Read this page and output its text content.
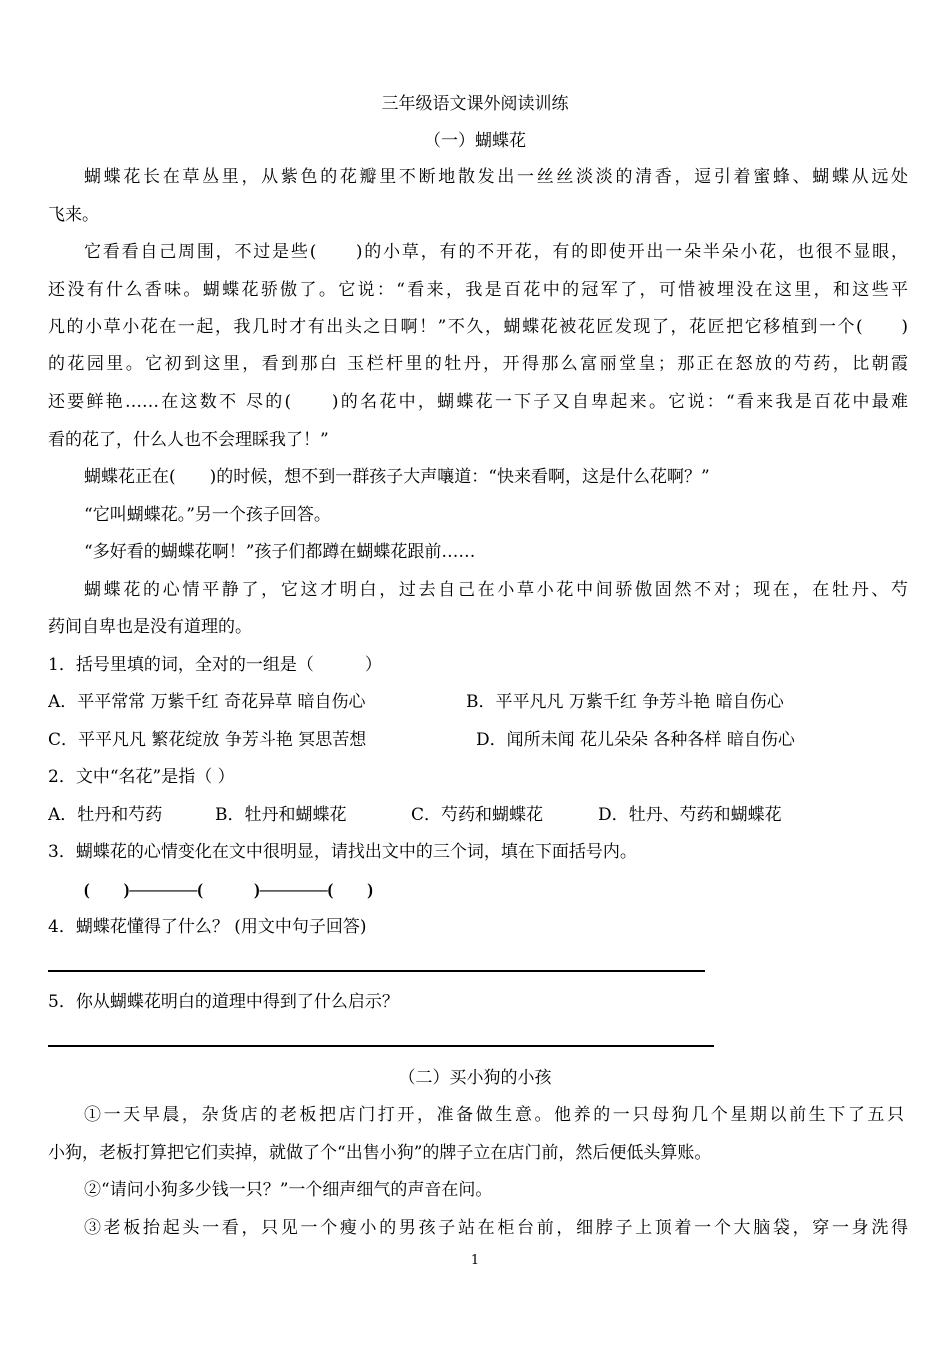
三年级语文课外阅读训练
（一）蝴蝶花
蝴蝶花长在草丛里，从紫色的花瓣里不断地散发出一丝丝淡淡的清香，逗引着蜜蜂、蝴蝶从远处
飞来。
它看看自己周围，不过是些(　　)的小草，有的不开花，有的即使开出一朵半朵小花，也很不显眼，
还没有什么香味。蝴蝶花骄傲了。它说：“看来，我是百花中的冠军了，可惜被埋没在这里，和这些平
凡的小草小花在一起，我几时才有出头之日啊！”不久，蝴蝶花被花匠发现了，花匠把它移植到一个(　　)
的花园里。它初到这里，看到那白 玉栏杆里的牡丹，开得那么富丽堂皇；那正在怒放的芍药，比朝霞
还要鲜艳……在这数不 尽的(　　)的名花中，蝴蝶花一下子又自卑起来。它说：“看来我是百花中最难
看的花了，什么人也不会理睬我了！”
蝴蝶花正在(　　)的时候，想不到一群孩子大声嚷道：“快来看啊，这是什么花啊？”
“它叫蝴蝶花。”另一个孩子回答。
“多好看的蝴蝶花啊！”孩子们都蹲在蝴蝶花跟前……
蝴蝶花的心情平静了，它这才明白，过去自己在小草小花中间骄傲固然不对；现在，在牡丹、芍
药间自卑也是没有道理的。
1．括号里填的词，全对的一组是（　　　）
A．平平常常 万紫千红 奇花异草 暗自伤心	B．平平凡凡 万紫千红 争芳斗艳 暗自伤心
C．平平凡凡 繁花绽放 争芳斗艳 冥思苦想	D．闻所未闻 花儿朵朵 各种各样 暗自伤心
2．文中“名花”是指（ ）
A．牡丹和芍药	B．牡丹和蝴蝶花	C．芍药和蝴蝶花	D．牡丹、芍药和蝴蝶花
3．蝴蝶花的心情变化在文中很明显，请找出文中的三个词，填在下面括号内。
(　　)————(　　　)————(　　)
4．蝴蝶花懂得了什么？ (用文中句子回答)
5．你从蝴蝶花明白的道理中得到了什么启示？
（二）买小狗的小孩
①一天早晨，杂货店的老板把店门打开，准备做生意。他养的一只母狗几个星期以前生下了五只
小狗，老板打算把它们卖掉，就做了个“出售小狗”的牌子立在店门前，然后便低头算账。
②“请问小狗多少钱一只？”一个细声细气的声音在问。
③老板抬起头一看，只见一个瘦小的男孩子站在柜台前，细脖子上顶着一个大脑袋，穿一身洗得
1
